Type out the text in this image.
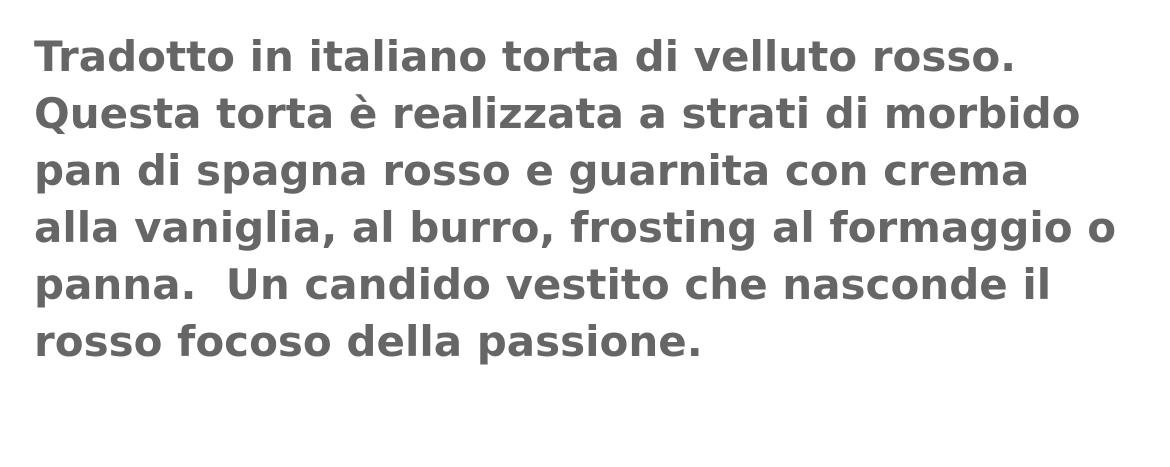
Tradotto in italiano torta di velluto rosso.
Questa torta è realizzata a strati di morbido
pan di spagna rosso e guarnita con crema
alla vaniglia, al burro, frosting al formaggio o
panna.  Un candido vestito che nasconde il
rosso focoso della passione.
